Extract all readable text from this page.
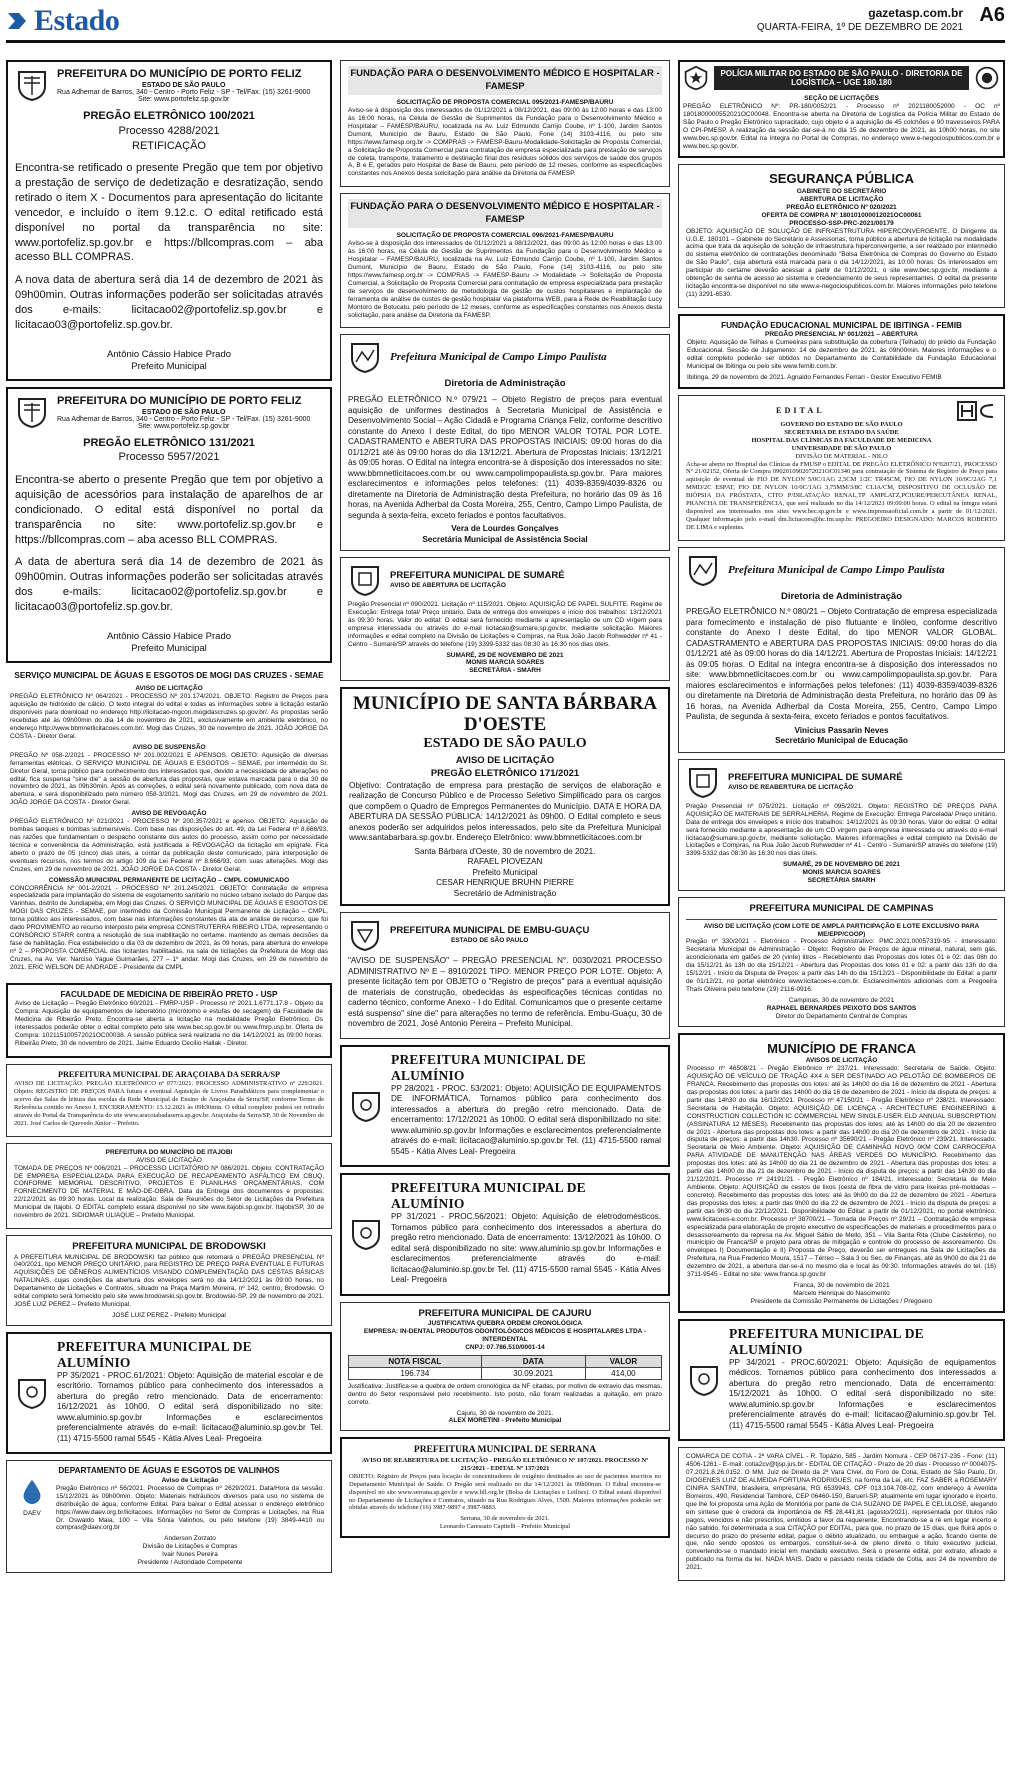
Estado	gazetasp.com.br
QUARTA-FEIRA, 1º DE DEZEMBRO DE 2021
A6
PREFEITURA DO MUNICÍPIO DE PORTO FELIZ
ESTADO DE SÃO PAULO
Rua Adhemar de Barros, 340 - Centro - Porto Feliz - SP - Tel/Fax. (15) 3261-9000
Site: www.portofeliz.sp.gov.br
PREGÃO ELETRÔNICO 100/2021
Processo 4288/2021
RETIFICAÇÃO

Encontra-se retificado o presente Pregão que tem por objetivo a prestação de serviço de dedetização e desratização, sendo retirado o item X - Documentos para apresentação do licitante vencedor, e incluído o item 9.12.c. O edital retificado está disponível no portal da transparência no site: www.portofeliz.sp.gov.br e https://bllcompras.com – aba acesso BLL COMPRAS.

A nova data de abertura será dia 14 de dezembro de 2021 às 09h00min. Outras informações poderão ser solicitadas através dos e-mails: licitacao02@portofeliz.sp.gov.br e licitacao03@portofeliz.sp.gov.br.

Antônio Cássio Habice Prado
Prefeito Municipal
PREFEITURA DO MUNICÍPIO DE PORTO FELIZ
ESTADO DE SÃO PAULO
Rua Adhemar de Barros, 340 - Centro - Porto Feliz - SP - Tel/Fax. (15) 3261-9000
Site: www.portofeliz.sp.gov.br
PREGÃO ELETRÔNICO 131/2021
Processo 5957/2021

Encontra-se aberto o presente Pregão que tem por objetivo a aquisição de acessórios para instalação de aparelhos de ar condicionado. O edital está disponível no portal da transparência no site: www.portofeliz.sp.gov.br e https://bllcompras.com – aba acesso BLL COMPRAS.

A data de abertura será dia 14 de dezembro de 2021 às 09h00min. Outras informações poderão ser solicitadas através dos e-mails: licitacao02@portofeliz.sp.gov.br e licitacao03@portofeliz.sp.gov.br.

Antônio Cássio Habice Prado
Prefeito Municipal
SERVIÇO MUNICIPAL DE ÁGUAS E ESGOTOS DE MOGI DAS CRUZES - SEMAE
AVISO DE LICITAÇÃO

PREGÃO ELETRÔNICO Nº 064/2021 - PROCESSO Nº 201.174/2021. OBJETO: Registro de Preços para aquisição de hidróxido de cálcio. O texto integral do edital e todas as informações sobre a licitação estarão disponíveis para download no endereço http://licitacao-mgcon.mogidascruzes.sp.gov.br/. As propostas serão recebidas até às 09h00min do dia 14 de novembro de 2021, exclusivamente em ambiente eletrônico, no endereço http://www.bbmnetlicitacoes.com.br/. Mogi das Cruzes, 30 de novembro de 2021. JOÃO JORGE DA COSTA - Diretor Geral.

AVISO DE SUSPENSÃO

PREGÃO Nº 058-2/2021 - PROCESSO Nº 201.002/2021 E APENSOS. OBJETO: Aquisição de diversas ferramentas elétricas. O SERVIÇO MUNICIPAL DE ÁGUAS E ESGOTOS – SEMAE, por intermédio do Sr. Diretor Geral, torna público para conhecimento dos interessados que, devido a necessidade de alterações no edital, fica suspensa "sine die" a sessão de abertura das propostas, que estava marcada para o dia 30 de novembro de 2021, às 09h30min. Após as correções, o edital será novamente publicado, com nova data de abertura, e será disponibilizado pelo número 058-3/2021. Mogi das Cruzes, em 29 de novembro de 2021. JOÃO JORGE DA COSTA - Diretor Geral.

AVISO DE REVOGAÇÃO

PREGÃO ELETRÔNICO Nº 021/2021 - PROCESSO Nº 200.357/2021 e apenso. OBJETO: Aquisição de bombas tanques e bombas submersíveis. Com base nas disposições do art. 49, da Lei Federal nº 8.666/93, nas razões que fundamentam o despacho constante dos autos do processo, assim como por necessidade técnica e conveniência da Administração, está justificada a REVOGAÇÃO da licitação em epígrafe. Fica aberto o prazo de 05 (cinco) dias úteis, a contar da publicação deste comunicado, para interposição de eventuais recursos, nos termos do artigo 109 da Lei Federal nº 8.666/93, com suas alterações. Mogi das Cruzes, em 29 de novembro de 2021. JOÃO JORGE DA COSTA - Diretor Geral.

COMISSÃO MUNICIPAL PERMANENTE DE LICITAÇÃO – CMPL COMUNICADO

CONCORRÊNCIA Nº 001-2/2021 - PROCESSO Nº 201.245/2021. OBJETO: Contratação de empresa especializada para implantação do sistema de esgotamento sanitário no núcleo urbano isolado do Parque das Varinhas, distrito de Jundiapeba, em Mogi das Cruzes. O SERVIÇO MUNICIPAL DE ÁGUAS E ESGOTOS DE MOGI DAS CRUZES - SEMAE, por intermédio da Comissão Municipal Permanente de Licitação – CMPL, torna público aos interessados, com base nas informações constantes da ata de análise de recurso, que foi dado PROVIMENTO ao recurso interposto pela empresa CONSTRUTERRA RIBEIRO LTDA, representando o CONSÓRCIO STARR contra a resolução de sua inabilitação no certame, mantendo as demais decisões da fase de habilitação. Fica estabelecido o dia 03 de dezembro de 2021, às 09 horas, para abertura do envelope nº 2 – PROPOSTA COMERCIAL das licitantes habilitadas, na sala de licitações da Prefeitura de Mogi das Cruzes, na Av. Ver. Narciso Yague Guimarães, 277 – 1º andar. Mogi das Cruzes, em 29 de novembro de 2021. ERIC WELSON DE ANDRADE - Presidente da CMPL

FACULDADE DE MEDICINA DE RIBEIRÃO PRETO - USP

Aviso de Licitação – Pregão Eletrônico 60/2021 - FMRP-USP - Processo nº 2021.1.6771.17.8 - Objeto da Compra: Aquisição de equipamentos de laboratório (micrótomo e estufas de secagem) da Faculdade de Medicina de Ribeirão Preto. Encontra-se aberta a licitação na modalidade Pregão Eletrônico. Os interessados poderão obter o edital completo pelo site www.bec.sp.gov.br ou www.fmrp.usp.br. Oferta de Compra: 102115100572021OC00038. A sessão pública será realizada no dia 14/12/2021 às 09:00 horas. Ribeirão Preto, 30 de novembro de 2021. Jaime Eduardo Cecílio Hallak - Diretor.

PREFEITURA MUNICIPAL DE ARAÇOIABA DA SERRA/SP

AVISO DE LICITAÇÃO. PREGÃO ELETRÔNICO nº 077/2021. PROCESSO ADMINISTRATIVO nº 229/2021. Objeto: REGISTRO DE PREÇOS PARA futura e eventual Aquisição de Livros Paradidáticos para complementar o acervo das Salas de leitura das escolas da Rede Municipal de Ensino de Araçoiaba da Serra/SP, conforme Termo de Referência contido no Anexo I. ENCERRAMENTO: 13.12.2021 às 09h30min. O edital completo poderá ser retirado através do Portal da Transparência do site www.aracoiabadaserra.sp.gov.br. Araçoiaba da Serra/SP, 30 de Novembro de 2021. José Carlos de Quevedo Júnior – Prefeito.

PREFEITURA DO MUNICÍPIO DE ITAJOBI
AVISO DE LICITAÇÃO

TOMADA DE PREÇOS Nº 006/2021 – PROCESSO LICITATÓRIO Nº 086/2021. Objeto: CONTRATAÇÃO DE EMPRESA ESPECIALIZADA PARA EXECUÇÃO DE RECAPEAMENTO ASFÁLTICO EM CBUQ, CONFORME MEMORIAL DESCRITIVO, PROJETOS E PLANILHAS ORÇAMENTÁRIAS, COM FORNECIMENTO DE MATERIAL E MÃO-DE-OBRA. Data da Entrega dos documentos e propostas: 22/12/2021 às 09:30 horas. Local da realização: Sala de Reuniões do Setor de Licitações da Prefeitura Municipal de Itajobi. O EDITAL completo estará disponível no site www.itajobi.sp.gov.br. Itajobi/SP, 30 de novembro de 2021. SIDIOMAR ULIAQUE – Prefeito Municipal.

PREFEITURA MUNICIPAL DE BRODOWSKI

A PREFEITURA MUNICIPAL DE BRODOWSKI faz público que retornará o PREGÃO PRESENCIAL Nº 040/2021, tipo MENOR PREÇO UNITÁRIO, para REGISTRO DE PREÇO PARA EVENTUAL E FUTURAS AQUISIÇÕES DE GÊNEROS ALIMENTÍCIOS VISANDO COMPLEMENTAÇÃO DAS CESTAS BÁSICAS NATALINAS, cujas condições da abertura dos envelopes será no dia 14/12/2021 às 09:00 horas, no Departamento de Licitações e Contratos, situado na Praça Martim Moreira, nº 142, centro, Brodowski. O edital completo será fornecido pelo site www.brodowski.sp.gov.br. Brodowski-SP, 29 de novembro de 2021. JOSÉ LUIZ PEREZ – Prefeito Municipal.

JOSÉ LUIZ PEREZ - Prefeito Municipal
PREFEITURA MUNICIPAL DE ALUMÍNIO

PP 35/2021 - PROC.61/2021: Objeto: Aquisição de material escolar e de escritório. Tornamos público para conhecimento dos interessados a abertura do pregão retro mencionado. Data de encerramento: 16/12/2021 às 10h00. O edital será disponibilizado no site: www.aluminio.sp.gov.br Informações e esclarecimentos preferencialmente através do e-mail: licitacao@aluminio.sp.gov.br Tel. (11) 4715-5500 ramal 5545 - Kátia Alves Leal- Pregoeira

DEPARTAMENTO DE ÁGUAS E ESGOTOS DE VALINHOS
DAEV
Aviso de Licitação

Pregão Eletrônico nº 56/2021. Processo de Compras nº 2629/2021. Data/Hora da sessão: 15/12/2021 às 09h00min. Objeto: Materiais hidráulicos diversos para uso no sistema de distribuição de água, conforme Edital. Para baixar o Edital acessar o endereço eletrônico https://www.daev.org.br/licitacoes. Informações no Setor de Compras e Licitações, na Rua Dr. Oswaldo Maia, 100 – Vila Sônia Valinhos, ou pelo telefone (19) 3849-4410 ou compras@daev.org.br

Anderson Zorzato
Divisão de Licitações e Compras
Ivair Nunes Pereira
Presidente / Autoridade Competente
FUNDAÇÃO PARA O DESENVOLVIMENTO MÉDICO E HOSPITALAR - FAMESP
SOLICITAÇÃO DE PROPOSTA COMERCIAL 095/2021-FAMESP/BAURU

Aviso-se à disposição dos interessados de 01/12/2021 a 08/12/2021, das 09:00 às 12:00 horas e das 13:00 às 16:00 horas, na Célula de Gestão de Suprimentos da Fundação para o Desenvolvimento Médico e Hospitalar – FAMESP/BAURU, localizada na Av. Luiz Edmundo Carrijo Coube, nº 1-100, Jardim Santos Dumont, Município de Bauru, Estado de São Paulo, Fone (14) 3103-4116, ou pelo site https://www.famesp.org.br -> COMPRAS -> FAMESP-Bauru-Modalidade-Solicitação de Proposta Comercial, a Solicitação de Proposta Comercial para contratação de empresa especializada para prestação de serviços de coleta, transporte, tratamento e destinação final dos resíduos sólidos dos serviços de saúde dos grupos A, B e E, gerados pelo Hospital de Base de Bauru, pelo período de 12 meses, conforme as especificações constantes nos Anexos desta solicitação para análise da Diretoria da FAMESP.

FUNDAÇÃO PARA O DESENVOLVIMENTO MÉDICO E HOSPITALAR - FAMESP
SOLICITAÇÃO DE PROPOSTA COMERCIAL 096/2021-FAMESP/BAURU

Aviso-se à disposição dos interessados de 01/12/2021 a 08/12/2021, das 09:00 às 12:00 horas e das 13:00 às 16:00 horas, na Célula de Gestão de Suprimentos da Fundação para o Desenvolvimento Médico e Hospitalar – FAMESP/BAURU, localizada na Av. Luiz Edmundo Carrijo Coube, nº 1-100, Jardim Santos Dumont, Município de Bauru, Estado de São Paulo, Fone (14) 3103-4116, ou pelo site https://www.famesp.org.br -> COMPRAS -> FAMESP-Bauru -> Modalidade -> Solicitação de Proposta Comercial, a Solicitação de Proposta Comercial para contratação de empresa especializada para prestação de serviços de desenvolvimento de metodologia de gestão de custos hospitalares e implantação de ferramenta de análise de custos de gestão hospitalar via plataforma WEB, para a Rede de Reabilitação Lucy Montoro de Botucatu, pelo período de 12 meses, conforme as especificações constantes nos Anexos desta solicitação, para análise da Diretoria da FAMESP.

Prefeitura Municipal de Campo Limpo Paulista
Diretoria de Administração

PREGÃO ELETRÔNICO N.º 079/21 – Objeto Registro de preços para eventual aquisição de uniformes destinados à Secretaria Municipal de Assistência e Desenvolvimento Social – Ação Cidadã e Programa Criança Feliz, conforme descritivo constante do Anexo I deste Edital, do tipo MENOR VALOR TOTAL POR LOTE. CADASTRAMENTO e ABERTURA DAS PROPOSTAS INICIAIS: 09:00 horas do dia 01/12/21 até às 09:00 horas do dia 13/12/21. Abertura de Propostas Iniciais: 13/12/21 às 09:05 horas. O Edital na íntegra encontra-se à disposição dos interessados no site: www.bbmnetlicitacoes.com.br ou www.campolimpopaulista.sp.gov.br. Para maiores esclarecimentos e informações pelos telefones: (11) 4039-8359/4039-8326 ou diretamente na Diretoria de Administração desta Prefeitura, no horário das 09 às 16 horas, na Avenida Adherbal da Costa Moreira, 255, Centro, Campo Limpo Paulista, de segunda à sexta-feira, exceto feriados e pontos facultativos.

Vera de Lourdes Gonçalves
Secretária Municipal de Assistência Social
PREFEITURA MUNICIPAL DE SUMARÉ
AVISO DE ABERTURA DE LICITAÇÃO

Pregão Presencial nº 090/2021. Licitação nº 115/2021. Objeto: AQUISIÇÃO DE PAPEL SULFITE. Regime de Execução: Entrega total/ Preço unitário. Data de entrega dos envelopes e início dos trabalhos: 13/12/2021 às 09:30 horas. Valor do edital: O edital será fornecido mediante a apresentação de um CD virgem para empresa interessada ou através do e-mail licitacao@sumare.sp.gov.br, mediante solicitação. Maiores informações e edital completo na Divisão de Licitações e Compras, na Rua João Jacob Rohwedder nº 41 - Centro - Sumaré/SP através do telefone (19) 3399-5332 das 08:30 às 16:30 nos dias úteis.

SUMARÉ, 29 DE NOVEMBRO DE 2021
MONIS MARCIA SOARES
SECRETÁRIA - SMARH
MUNICÍPIO DE SANTA BÁRBARA D'OESTE
ESTADO DE SÃO PAULO
AVISO DE LICITAÇÃO
PREGÃO ELETRÔNICO 171/2021

Objetivo: Contratação de empresa para prestação de serviços de elaboração e realização de Concurso Público e de Processo Seletivo Simplificado para os cargos que compõem o Quadro de Empregos Permanentes do Município. DATA E HORA DA ABERTURA DA SESSÃO PÚBLICA: 14/12/2021 às 09h00. O Edital completo e seus anexos poderão ser adquiridos pelos interessados, pelo site da Prefeitura Municipal www.santabarbara.sp.gov.br. Endereço Eletrônico: www.bbmnetlicitacoes.com.br

Santa Bárbara d'Oeste, 30 de novembro de 2021.
RAFAEL PIOVEZAN
Prefeito Municipal
CESAR HENRIQUE BRUHN PIERRE
Secretário de Administração
PREFEITURA MUNICIPAL DE EMBU-GUAÇU
ESTADO DE SÃO PAULO

"AVISO DE SUSPENSÃO" – PREGÃO PRESENCIAL N°. 0030/2021 PROCESSO ADMINISTRATIVO Nº E – 8910/2021 TIPO: MENOR PREÇO POR LOTE. Objeto: A presente licitação tem por OBJETO o "Registro de preços" para a eventual aquisição de materiais de construção, obedecidas às especificações técnicas contidas no caderno técnico, conforme Anexo - I do Edital. Comunicamos que o presente certame está suspenso" sine die" para alterações no termo de referência. Embu-Guaçu, 30 de novembro de 2021. José Antonio Pereira – Prefeito Municipal.

PREFEITURA MUNICIPAL DE ALUMÍNIO

PP 28/2021 - PROC. 53/2021: Objeto: AQUISIÇÃO DE EQUIPAMENTOS DE INFORMÁTICA. Tornamos público para conhecimento dos interessados a abertura do pregão retro mencionado. Data de encerramento: 17/12/2021 às 10h00. O edital será disponibilizado no site: www.aluminio.sp.gov.br Informações e esclarecimentos preferencialmente através do e-mail: licitacao@aluminio.sp.gov.br Tel. (11) 4715-5500 ramal 5545 - Kátia Alves Leal- Pregoeira

PREFEITURA MUNICIPAL DE ALUMÍNIO

PP 31/2021 - PROC.56/2021: Objeto: Aquisição de eletrodomésticos. Tornamos público para conhecimento dos interessados a abertura do pregão retro mencionado. Data de encerramento: 13/12/2021 às 10h00. O edital será disponibilizado no site: www.aluminio.sp.gov.br Informações e esclarecimentos preferencialmente através do e-mail: licitacao@aluminio.sp.gov.br Tel. (11) 4715-5500 ramal 5545 - Kátia Alves Leal- Pregoeira

PREFEITURA MUNICIPAL DE CAJURU
JUSTIFICATIVA QUEBRA ORDEM CRONOLÓGICA
EMPRESA: IN-DENTAL PRODUTOS ODONTOLÓGICOS MÉDICOS E HOSPITALARES LTDA - INTERDENTAL
CNPJ: 07.786.510/0001-14
NOTA FISCAL	DATA	VALOR
196.734	30.09.2021	414,00

Justificativa: Justifica-se a quebra de ordem cronológica da NF citadas, por motivo de extravio das mesmas, dentro do Setor responsável pelo recebimento. Isto posto, não foram realizadas a quitação, em prazo correto.

Cajuru, 30 de novembro de 2021.
ALEX MORETINI - Prefeito Municipal
PREFEITURA MUNICIPAL DE SERRANA
AVISO DE REABERTURA DE LICITAÇÃO - PREGÃO ELETRÔNICO Nº 107/2021. PROCESSO Nº 215/2021 - EDITAL Nº 137/2021

OBJETO: Registro de Preços para locação de concentradores de oxigênio destinados ao uso de pacientes inscritos no Departamento Municipal de Saúde. O Pregão será realizado no dia 14/12/2021 às 09h00min. O Edital encontra-se disponível no site www.serrana.sp.gov.br e www.bll.org.br (Bolsa de Licitações e Leilões). O Edital estará disponível no Departamento de Licitações e Contratos, situado na Rua Rodrigues Alves, 1500. Maiores informações poderão ser obtidas através do telefone (16) 3987-9897 e 3987-9883.

Serrana, 30 de novembro de 2021.
Leonardo Caressato Capitelli - Prefeito Municipal
POLÍCIA MILITAR DO ESTADO DE SÃO PAULO - DIRETORIA DE LOGÍSTICA – UGE 180.180
SEÇÃO DE LICITAÇÕES

PREGÃO ELETRÔNICO Nº: PR-180/0052/21 - Processo nº 2021180052000 - OC nº 1801800000552021OC00048. Encontra-se aberta na Diretoria de Logística da Polícia Militar do Estado de São Paulo o Pregão Eletrônico supracitado, cujo objeto é a aquisição de 45 colchões e 90 travesseiros PARA O CPI-PMESP. A realização da sessão dar-se-á no dia 15 de dezembro de 2021, às 10h00 horas, no site www.bec.sp.gov.br. Edital na íntegra no Portal de Compras, no endereço www.e-negociospublicos.com.br e www.bec.sp.gov.br.

SEGURANÇA PÚBLICA
GABINETE DO SECRETÁRIO
ABERTURA DE LICITAÇÃO
PREGÃO ELETRÔNICO Nº 020/2021
OFERTA DE COMPRA Nº 180101000012021OC00061
PROCESSO-SSP-PRC-2021/00179

OBJETO: AQUISIÇÃO DE SOLUÇÃO DE INFRAESTRUTURA HIPERCONVERGENTE. O Dirigente da U.G.E. 180101 – Gabinete do Secretário e Assessorias, torna público a abertura de licitação na modalidade acima que trata da aquisição de solução de infraestrutura hiperconvergente, a ser realizado por intermédio do sistema eletrônico de contratações denominado "Bolsa Eletrônica de Compras do Governo do Estado de São Paulo", cuja abertura está marcada para o dia 14/12/2021, às 10:00 horas. Os interessados em participar do certame deverão acessar a partir de 01/12/2021, o site www.bec.sp.gov.br, mediante a obtenção de senha de acesso ao sistema e credenciamento de seus representantes. O edital da presente licitação encontra-se disponível no site www.e-negociospublicos.com.br. Maiores informações pelo telefone (11) 3291-6530.

FUNDAÇÃO EDUCACIONAL MUNICIPAL DE IBITINGA - FEMIB
PREGÃO PRESENCIAL Nº 001/2021 – ABERTURA

Objeto: Aquisição de Telhas e Cumeeiras para substituição da cobertura (Telhado) do prédio da Fundação Educacional. Sessão de Julgamento: 14 de dezembro de 2021, às 09h00min. Maiores informações e o edital completo poderão ser obtidos no Departamento de Contabilidade da Fundação Educacional Municipal de Ibitinga ou pelo site www.femib.com.br.

Ibitinga, 29 de novembro de 2021. Agnaldo Fernandes Ferrari - Gestor Executivo FEMIB
EDITAL
GOVERNO DO ESTADO DE SÃO PAULO
SECRETARIA DE ESTADO DA SAÚDE
HOSPITAL DAS CLÍNICAS DA FACULDADE DE MEDICINA
UNIVERSIDADE DE SÃO PAULO
DIVISÃO DE MATERIAL - NILO

Acha-se aberto no Hospital das Clínicas da FMUSP o EDITAL DE PREGÃO ELETRÔNICO Nº0207/21, PROCESSO Nº 21/02152, Oferta de Compra 0902010902072021OC01340 para contratação de Sistema de Registro de Preço para aquisição de eventual de FIO DE NYLON 5/0C/1AG 2,5CM 1/2C TR45CM, FIO DE NYLON 10/0C/2AG 7,1 MMD/2C ESPAT, FIO DE NYLON 10/0C/1AG 3,75MM/3/8C CLIA/CM, DISPOSITIVO DE OCLUSÃO DE BIÓPSIA DA PRÓSTATA, CITO P/DILATAÇÃO RENAL,TP AMPLATZ,PCIURE/PERCUTÂNEA RENAL, PRANCHA DE TRANSFERÊNCIA, que será realizado no dia 14/12/2021 09:00:00 horas. O edital na íntegra estará disponível aos interessados nos sites www.bec.sp.gov.br e www.imprensaoficial.com.br a partir de 01/12/2021. Qualquer informação pelo e-mail dm.licitacoes@hc.fm.usp.br. PREGOEIRO DESIGNADO: MARCOS ROBERTO DE LIMA e suplentes.

Prefeitura Municipal de Campo Limpo Paulista
Diretoria de Administração

PREGÃO ELETRÔNICO N.º 080/21 – Objeto Contratação de empresa especializada para fornecimento e instalação de piso flutuante e linóleo, conforme descritivo constante do Anexo I deste Edital, do tipo MENOR VALOR GLOBAL. CADASTRAMENTO e ABERTURA DAS PROPOSTAS INICIAIS: 09:00 horas do dia 01/12/21 até às 09:00 horas do dia 14/12/21. Abertura de Propostas Iniciais: 14/12/21 às 09:05 horas. O Edital na íntegra encontra-se à disposição dos interessados no site: www.bbmnetlicitacoes.com.br ou www.campolimpopaulista.sp.gov.br. Para maiores esclarecimentos e informações pelos telefones: (11) 4039-8359/4039-8326 ou diretamente na Diretoria de Administração desta Prefeitura, no horário das 09 às 16 horas, na Avenida Adherbal da Costa Moreira, 255, Centro, Campo Limpo Paulista, de segunda à sexta-feira, exceto feriados e pontos facultativos.

Vinicius Passarin Neves
Secretário Municipal de Educação
PREFEITURA MUNICIPAL DE SUMARÉ
AVISO DE REABERTURA DE LICITAÇÃO

Pregão Presencial nº 075/2021. Licitação nº 095/2021. Objeto: REGISTRO DE PREÇOS PARA AQUISIÇÃO DE MATERIAIS DE SERRALHERIA. Regime de Execução: Entrega Parcelada/ Preço unitário. Data de entrega dos envelopes e início dos trabalhos: 14/12/2021 às 09:30 horas. Valor do edital: O edital será fornecido mediante a apresentação de um CD virgem para empresa interessada ou através do e-mail licitacao@sumare.sp.gov.br, mediante solicitação. Maiores informações e edital completo na Divisão de Licitações e Compras, na Rua João Jacob Rohwedder nº 41 - Centro - Sumaré/SP através do telefone (19) 3399-5332 das 08:30 às 16:30 nos dias úteis.

SUMARÉ, 29 DE NOVEMBRO DE 2021
MONIS MARCIA SOARES
SECRETÁRIA SMARH
PREFEITURA MUNICIPAL DE CAMPINAS
AVISO DE LICITAÇÃO (COM LOTE DE AMPLA PARTICIPAÇÃO E LOTE EXCLUSIVO PARA ME/EPP/COOP)

Pregão nº 330/2021 - Eletrônico - Processo Administrativo: PMC.2021.00057319-95 - Interessado: Secretaria Municipal de Administração - Objeto: Registro de Preços de água mineral, natural, sem gás, acondicionada em galões de 20 (vinte) litros - Recebimento das Propostas dos lotes 01 e 02: das 08h do dia 15/12/21 às 13h do dia 15/12/21 - Abertura das Propostas dos lotes 01 e 02: a partir das 13h do dia 15/12/21 - Início da Disputa de Preços: a partir das 14h do dia 15/12/21 - Disponibilidade do Edital: a partir de 01/12/21, no portal eletrônico www.licitacoes-e.com.br. Esclarecimentos adicionais com a Pregoeira Thaís Oliveira pelo telefone (19) 2116-0916.

Campinas, 30 de novembro de 2021
RAPHAEL BERNARDES PEIXOTO DOS SANTOS
Diretor do Departamento Central de Compras
MUNICÍPIO DE FRANCA
AVISOS DE LICITAÇÃO

Processo nº 46508/21 - Pregão Eletrônico nº 237/21. Interessado: Secretaria de Saúde. Objeto: AQUISIÇÃO DE VEÍCULO DE TRAÇÃO 4X4 A SER DESTINADO AO PELOTÃO DE BOMBEIROS DE FRANCA. Recebimento das propostas dos lotes: até às 14h00 do dia 16 de dezembro de 2021 - Abertura das propostas dos lotes: a partir das 14h00 do dia 16 de dezembro de 2021 - Início da disputa de preços: a partir das 14h30 do dia 16/12/2021. Processo nº 47150/21 - Pregão Eletrônico nº 238/21. Interessado: Secretaria de Habitação. Objeto: AQUISIÇÃO DE LICENÇA - ARCHITECTURE ENGINEERING & CONSTRUCTION COLLECTION IC COMMERCIAL NEW SINGLE-USER ELD ANNUAL SUBSCRIPTION (ASSINATURA 12 MESES). Recebimento das propostas dos lotes: até às 14h00 do dia 20 de dezembro de 2021 - Abertura das propostas dos lotes: a partir das 14h00 do dia 20 de dezembro de 2021 - Início da disputa de preços: a partir das 14h30. Processo nº 35690/21 - Pregão Eletrônico nº 239/21. Interessado: Secretaria de Meio Ambiente. Objeto: AQUISIÇÃO DE CAMINHÃO NOVO 0KM COM CARROCERIA PARA ATIVIDADE DE MANUTENÇÃO NAS ÁREAS VERDES DO MUNICÍPIO. Recebimento das propostas dos lotes: até às 14h00 do dia 21 de dezembro de 2021 - Abertura das propostas dos lotes: a partir das 14h00 do dia 21 de dezembro de 2021 - Início da disputa de preços: a partir das 14h30 do dia 21/12/2021. Processo nº 24191/21 - Pregão Eletrônico nº 184/21. Interessado: Secretaria de Meio Ambiente. Objeto: AQUISIÇÃO de cestos de lixos (cesta de fibra de vidro para lixeiras pré-moldadas – concreto). Recebimento das propostas dos lotes: até às 9h00 do dia 22 de dezembro de 2021 - Abertura das propostas dos lotes: a partir das 9h00 do dia 22 de dezembro de 2021 - Início da disputa de preços: a partir das 9h30 do dia 22/12/2021. Disponibilidade do Edital: a partir de 01/12/2021, no portal eletrônico: www.licitacoes-e.com.br. Processo nº 38700/21 – Tomada de Preços nº 29/21 – Contratação de empresa especializada para elaboração de projeto executivo de especificações de materiais e procedimentos para o desassoreamento da represa na Av. Miguel Sábio de Mello, 351 – Vila Santa Rita (Clube Castelinho), no município de Franca/SP e projeto para obras de mitigação e controle do processo de assoreamento. Os envelopes I) Documentação e II) Proposta de Preço, deverão ser entregues na Sala de Licitações da Prefeitura, na Rua Frederico Moura, 1517 – Térreo – Sala 3 ou Sec. de Finanças, até às 9h00 do dia 21 de dezembro de 2021, a abertura dar-se-á no mesmo dia e local às 09:30. Informações através do tel. (16) 3711-9545 - Edital no site: www.franca.sp.gov.br

Franca, 30 de novembro de 2021
Marcelo Henrique do Nascimento
Presidente da Comissão Permanente de Licitações / Pregoeiro
PREFEITURA MUNICIPAL DE ALUMÍNIO

PP 34/2021 - PROC.60/2021: Objeto: Aquisição de equipamentos médicos. Tornamos público para conhecimento dos interessados a abertura do pregão retro mencionado. Data de encerramento: 15/12/2021 às 10h00. O edital será disponibilizado no site: www.aluminio.sp.gov.br Informações e esclarecimentos preferencialmente através do e-mail: licitacao@aluminio.sp.gov.br Tel. (11) 4715-5500 ramal 5545 - Kátia Alves Leal- Pregoeira

COMARCA DE COTIA - 2ª VARA CÍVEL - R. Topázio, 585 - Jardim Nomura - CEP 06717-235 - Fone: (11) 4506-1261 - E-mail: cotia2cv@tjsp.jus.br - EDITAL DE CITAÇÃO - Prazo de 20 dias - Processo nº 0004075-07.2021.8.26.0152. O MM. Juiz de Direito da 2ª Vara Cível, do Foro de Cotia, Estado de São Paulo, Dr. DIOGENES LUIZ DE ALMEIDA FORTUNA RODRIGUES, na forma da Lei, etc. FAZ SABER a ROSEMARY CINIRA SANTINI, brasileira, empresária, RG 6539943, CPF 013.104.708-02, com endereço à Avenida Borreiros, 490, Residencial Tamboré, CEP 06460-150, Barueri-SP, atualmente em lugar ignorado e incerto, que lhe foi proposta uma Ação de Monitória por parte de CIA SUZANO DE PAPEL E CELULOSE, alegando em síntese que é credora da importância de R$ 28.441,81 (agosto/2021), representada por títulos não pagos, vencidos e não prescritos, emitidos a favor da requerente. Encontrando-se a ré em lugar incerto e não sabido, foi determinada a sua CITAÇÃO por EDITAL, para que, no prazo de 15 dias, que fluirá após o decurso do prazo do presente edital, pague o débito atualizado, ou embargue a ação, ficando ciente de que, não sendo opostos os embargos, constituir-se-á de pleno direito o título executivo judicial, convertendo-se o mandado inicial em mandado executivo. Será o presente edital, por extrato, afixado e publicado na forma da lei. NADA MAIS. Dado e passado nesta cidade de Cotia, aos 24 de novembro de 2021.
